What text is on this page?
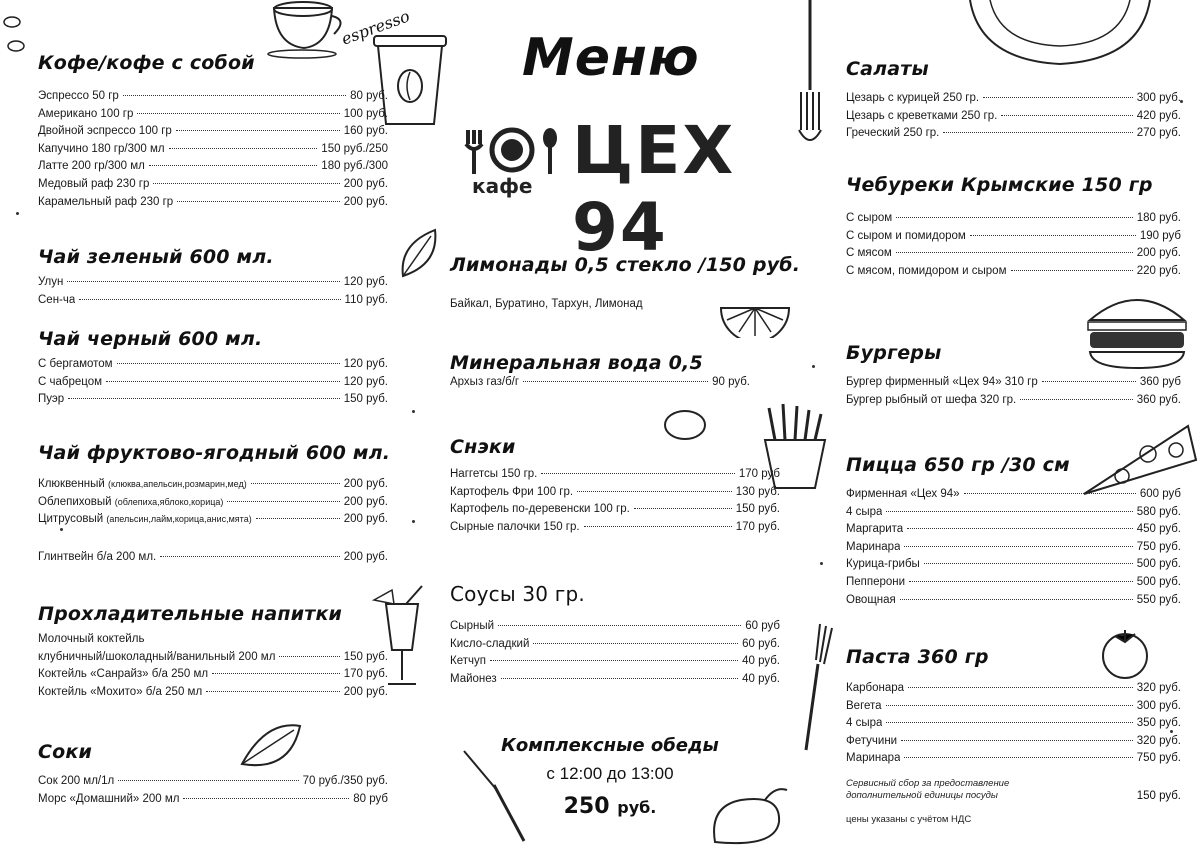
espresso
Меню
ЦЕХ 94
кафе
Кофе/кофе с собой
Эспрессо 50 гр	80 руб.
Американо 100 гр	100 руб.
Двойной эспрессо 100 гр	160 руб.
Капучино 180 гр/300 мл	150 руб./250
Латте 200 гр/300 мл	180 руб./300
Медовый раф 230 гр	200 руб.
Карамельный раф 230 гр	200 руб.
Чай зеленый 600 мл.
Улун	120 руб.
Сен-ча	110 руб.
Чай черный 600 мл.
С бергамотом	120 руб.
С чабрецом	120 руб.
Пуэр	150 руб.
Чай фруктово-ягодный 600 мл.
Клюквенный (клюква,апельсин,розмарин,мед)	200 руб.
Облепиховый (облепиха,яблоко,корица)	200 руб.
Цитрусовый (апельсин,лайм,корица,анис,мята)	200 руб.
Глинтвейн б/а 200 мл.	200 руб.
Прохладительные напитки
Молочный коктейль
клубничный/шоколадный/ванильный 200 мл	150 руб.
Коктейль «Санрайз» б/а 250 мл	170 руб.
Коктейль «Мохито» б/а 250 мл	200 руб.
Соки
Сок 200 мл/1л	70 руб./350 руб.
Морс «Домашний» 200 мл	80 руб
Лимонады 0,5 стекло /150 руб.
Байкал, Буратино, Тархун, Лимонад
Минеральная вода 0,5
Архыз газ/б/г	90 руб.
Снэки
Наггетсы 150 гр.	170 руб
Картофель Фри 100 гр.	130 руб.
Картофель по-деревенски 100 гр.	150 руб.
Сырные палочки 150 гр.	170 руб.
Соусы 30 гр.
Сырный	60 руб
Кисло-сладкий	60 руб.
Кетчуп	40 руб.
Майонез	40 руб.
Комплексные обеды
с 12:00 до 13:00
250 руб.
Салаты
Цезарь с курицей 250 гр.	300 руб.
Цезарь с креветками 250 гр.	420 руб.
Греческий 250 гр.	270 руб.
Чебуреки Крымские 150 гр
С сыром	180 руб.
С сыром и помидором	190 руб
С мясом	200 руб.
С мясом, помидором и сыром	220 руб.
Бургеры
Бургер фирменный «Цех 94» 310 гр	360 руб
Бургер рыбный от шефа 320 гр.	360 руб.
Пицца 650 гр /30 см
Фирменная «Цех 94»	600 руб
4 сыра	580 руб.
Маргарита	450 руб.
Маринара	750 руб.
Курица-грибы	500 руб.
Пепперони	500 руб.
Овощная	550 руб.
Паста 360 гр
Карбонара	320 руб.
Вегета	300 руб.
4 сыра	350 руб.
Фетучини	320 руб.
Маринара	750 руб.
Сервисный сбор за предоставление
дополнительной единицы посуды	150 руб.
цены указаны с учётом НДС
